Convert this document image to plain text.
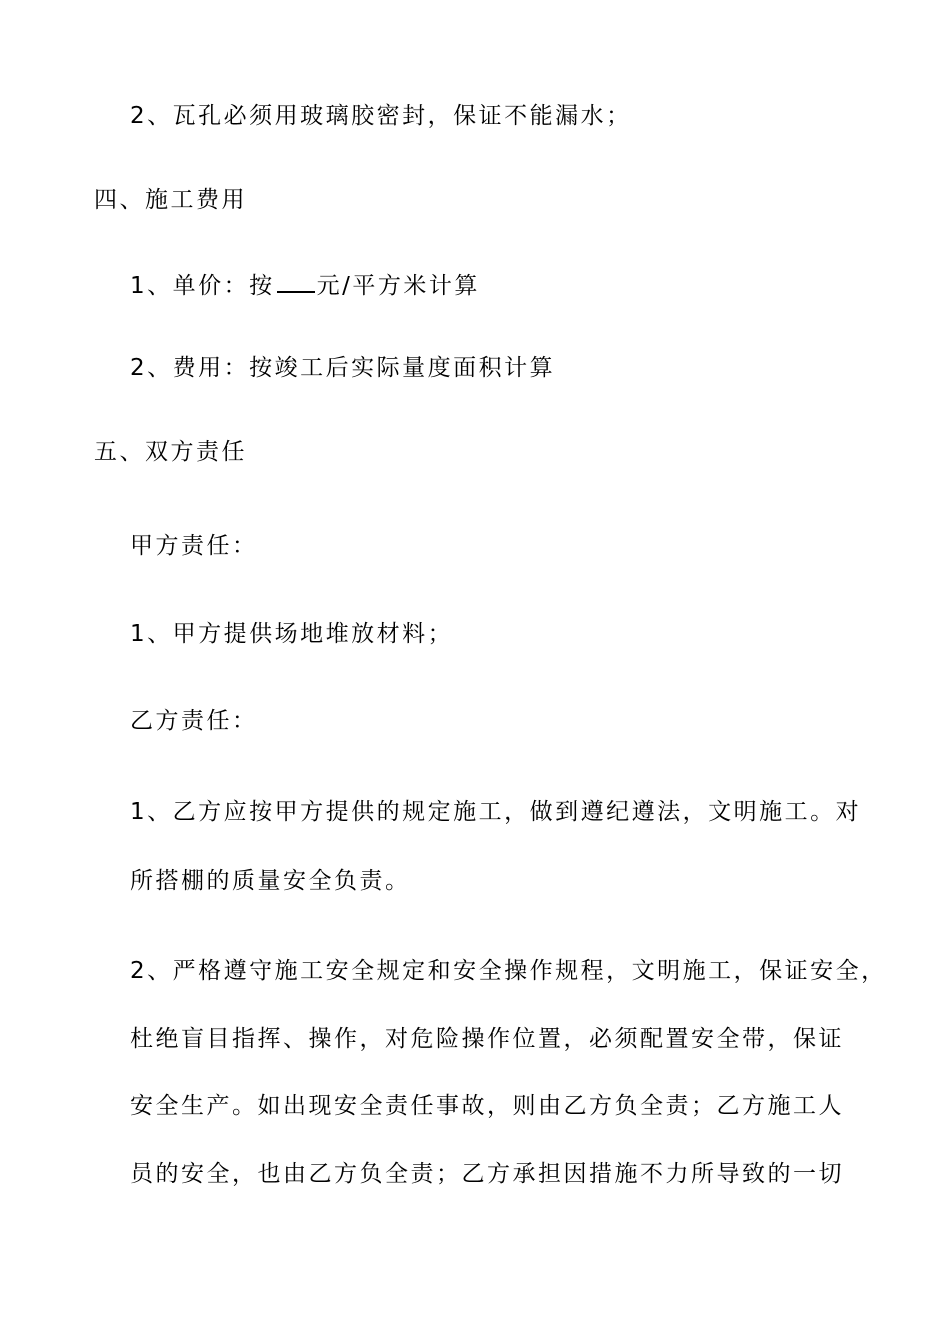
2、瓦孔必须用玻璃胶密封，保证不能漏水；
四、施工费用
1、单价：按 元/平方米计算
2、费用：按竣工后实际量度面积计算
五、双方责任
甲方责任：
1、甲方提供场地堆放材料；
乙方责任：
1、乙方应按甲方提供的规定施工，做到遵纪遵法，文明施工。对
所搭棚的质量安全负责。
2、严格遵守施工安全规定和安全操作规程，文明施工，保证安全，
杜绝盲目指挥、操作，对危险操作位置，必须配置安全带，保证
安全生产。如出现安全责任事故，则由乙方负全责；乙方施工人
员的安全，也由乙方负全责；乙方承担因措施不力所导致的一切
